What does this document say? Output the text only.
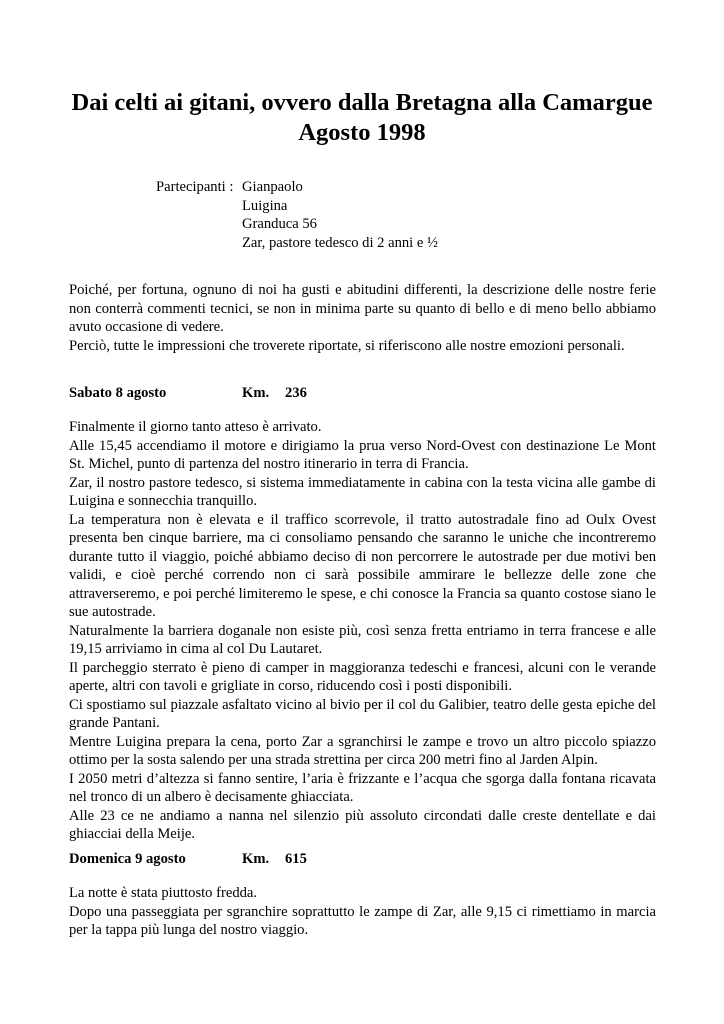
Dai celti ai gitani, ovvero dalla Bretagna alla Camargue
Agosto 1998
Partecipanti : Gianpaolo
Luigina
Granduca 56
Zar, pastore tedesco di 2 anni e ½

Poiché, per fortuna, ognuno di noi ha gusti e abitudini differenti, la descrizione delle nostre ferie non conterrà commenti tecnici, se non in minima parte su quanto di bello e di meno bello abbiamo avuto occasione di vedere.

Perciò, tutte le impressioni che troverete riportate, si riferiscono alle nostre emozioni personali.

Sabato 8 agosto	Km. 236

Finalmente il giorno tanto atteso è arrivato.

Alle 15,45 accendiamo il motore e dirigiamo la prua verso Nord-Ovest con destinazione Le Mont St. Michel, punto di partenza del nostro itinerario in terra di Francia.

Zar, il nostro pastore tedesco, si sistema immediatamente in cabina con la testa vicina alle gambe di Luigina e sonnecchia tranquillo.

La temperatura non è elevata e il traffico scorrevole, il tratto autostradale fino ad Oulx Ovest presenta ben cinque barriere, ma ci consoliamo pensando che saranno le uniche che incontreremo durante tutto il viaggio, poiché abbiamo deciso di non percorrere le autostrade per due motivi ben validi, e cioè perché correndo non ci sarà possibile ammirare le bellezze delle zone che attraverseremo, e poi perché limiteremo le spese, e chi conosce la Francia sa quanto costose siano le sue autostrade.

Naturalmente la barriera doganale non esiste più, così senza fretta entriamo in terra francese e alle 19,15 arriviamo in cima al col Du Lautaret.

Il parcheggio sterrato è pieno di camper in maggioranza tedeschi e francesi, alcuni con le verande aperte, altri con tavoli e grigliate in corso, riducendo così i posti disponibili.

Ci spostiamo sul piazzale asfaltato vicino al bivio per il col du Galibier, teatro delle gesta epiche del grande Pantani.

Mentre Luigina prepara la cena, porto Zar a sgranchirsi le zampe e trovo un altro piccolo spiazzo ottimo per la sosta salendo per una strada strettina per circa 200 metri fino al Jarden Alpin.

I 2050 metri d’altezza si fanno sentire, l’aria è frizzante e l’acqua che sgorga dalla fontana ricavata nel tronco di un albero è decisamente ghiacciata.

Alle 23 ce ne andiamo a nanna nel silenzio più assoluto circondati dalle creste dentellate e dai ghiacciai della Meije.

Domenica 9 agosto	Km. 615

La notte è stata piuttosto fredda.

Dopo una passeggiata per sgranchire soprattutto le zampe di Zar, alle 9,15 ci rimettiamo in marcia per la tappa più lunga del nostro viaggio.
